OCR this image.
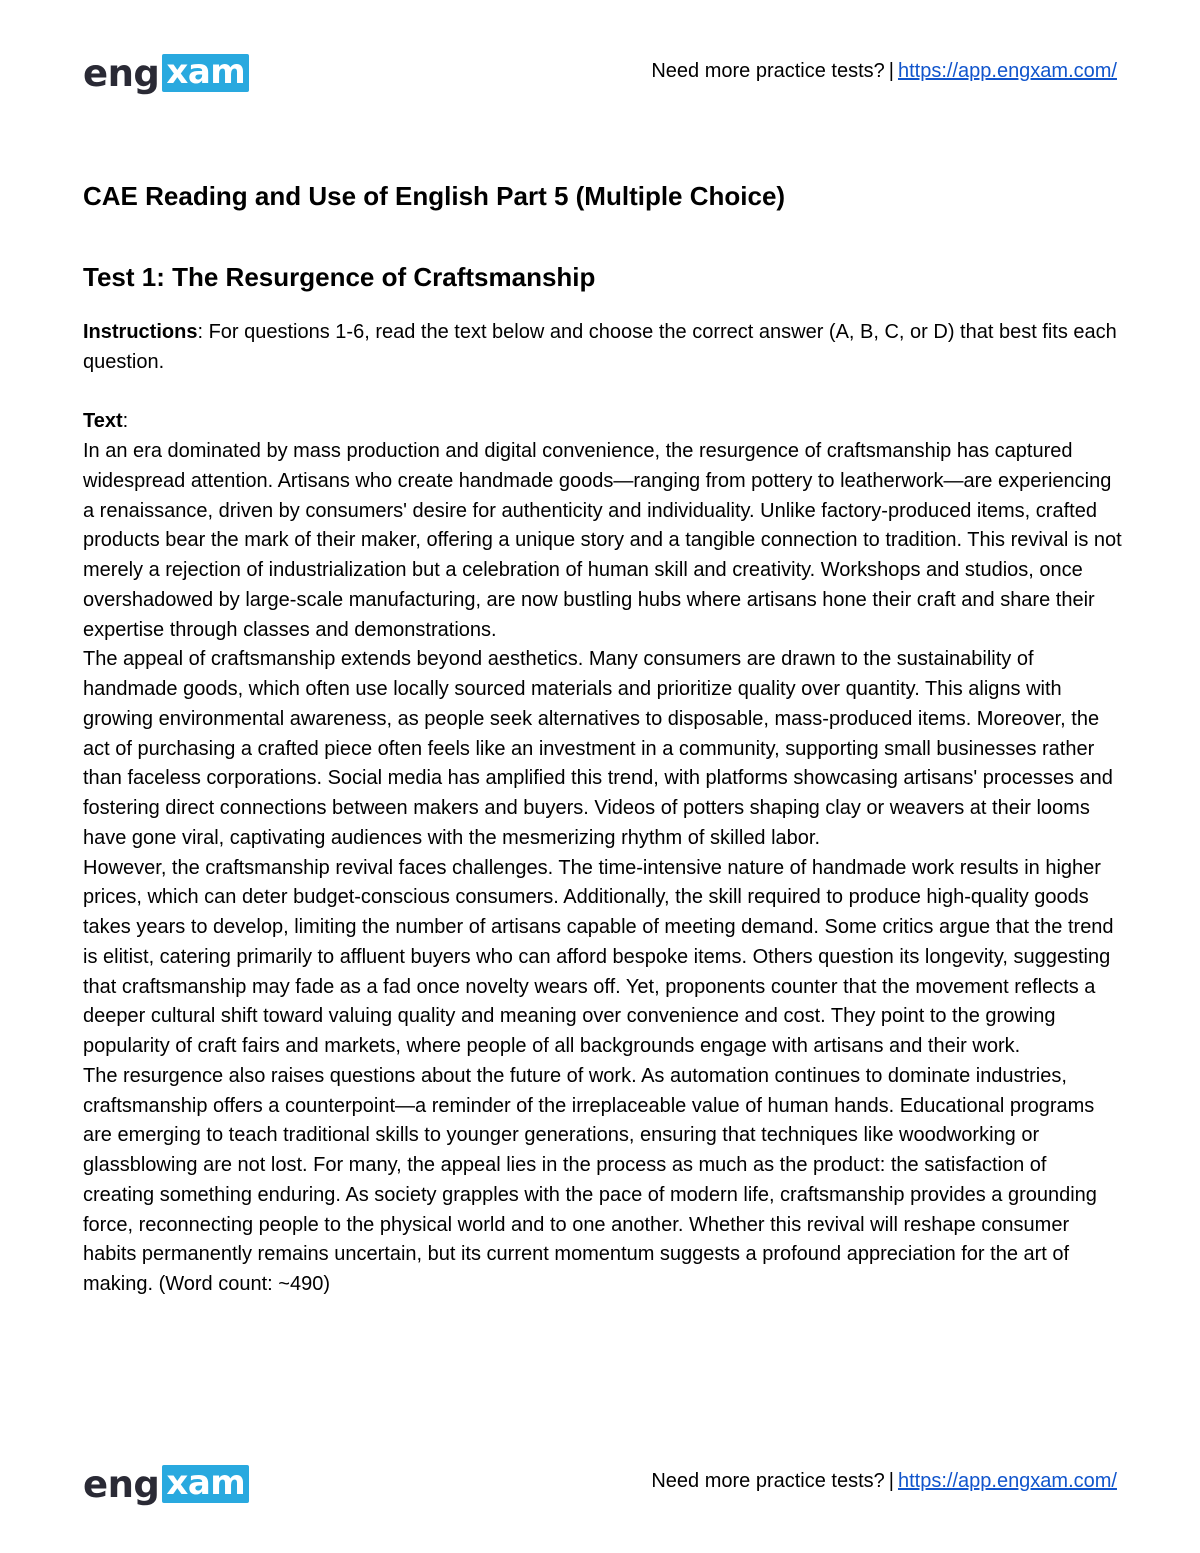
eng xam	Need more practice tests? | https://app.engxam.com/
CAE Reading and Use of English Part 5 (Multiple Choice)
Test 1: The Resurgence of Craftsmanship

Instructions: For questions 1-6, read the text below and choose the correct answer (A, B, C, or D) that best fits each question.

Text:

In an era dominated by mass production and digital convenience, the resurgence of craftsmanship has captured widespread attention. Artisans who create handmade goods—ranging from pottery to leatherwork—are experiencing a renaissance, driven by consumers' desire for authenticity and individuality. Unlike factory-produced items, crafted products bear the mark of their maker, offering a unique story and a tangible connection to tradition. This revival is not merely a rejection of industrialization but a celebration of human skill and creativity. Workshops and studios, once overshadowed by large-scale manufacturing, are now bustling hubs where artisans hone their craft and share their expertise through classes and demonstrations.

The appeal of craftsmanship extends beyond aesthetics. Many consumers are drawn to the sustainability of handmade goods, which often use locally sourced materials and prioritize quality over quantity. This aligns with growing environmental awareness, as people seek alternatives to disposable, mass-produced items. Moreover, the act of purchasing a crafted piece often feels like an investment in a community, supporting small businesses rather than faceless corporations. Social media has amplified this trend, with platforms showcasing artisans' processes and fostering direct connections between makers and buyers. Videos of potters shaping clay or weavers at their looms have gone viral, captivating audiences with the mesmerizing rhythm of skilled labor.

However, the craftsmanship revival faces challenges. The time-intensive nature of handmade work results in higher prices, which can deter budget-conscious consumers. Additionally, the skill required to produce high-quality goods takes years to develop, limiting the number of artisans capable of meeting demand. Some critics argue that the trend is elitist, catering primarily to affluent buyers who can afford bespoke items. Others question its longevity, suggesting that craftsmanship may fade as a fad once novelty wears off. Yet, proponents counter that the movement reflects a deeper cultural shift toward valuing quality and meaning over convenience and cost. They point to the growing popularity of craft fairs and markets, where people of all backgrounds engage with artisans and their work.

The resurgence also raises questions about the future of work. As automation continues to dominate industries, craftsmanship offers a counterpoint—a reminder of the irreplaceable value of human hands. Educational programs are emerging to teach traditional skills to younger generations, ensuring that techniques like woodworking or glassblowing are not lost. For many, the appeal lies in the process as much as the product: the satisfaction of creating something enduring. As society grapples with the pace of modern life, craftsmanship provides a grounding force, reconnecting people to the physical world and to one another. Whether this revival will reshape consumer habits permanently remains uncertain, but its current momentum suggests a profound appreciation for the art of making. (Word count: ~490)

eng xam	Need more practice tests? | https://app.engxam.com/
